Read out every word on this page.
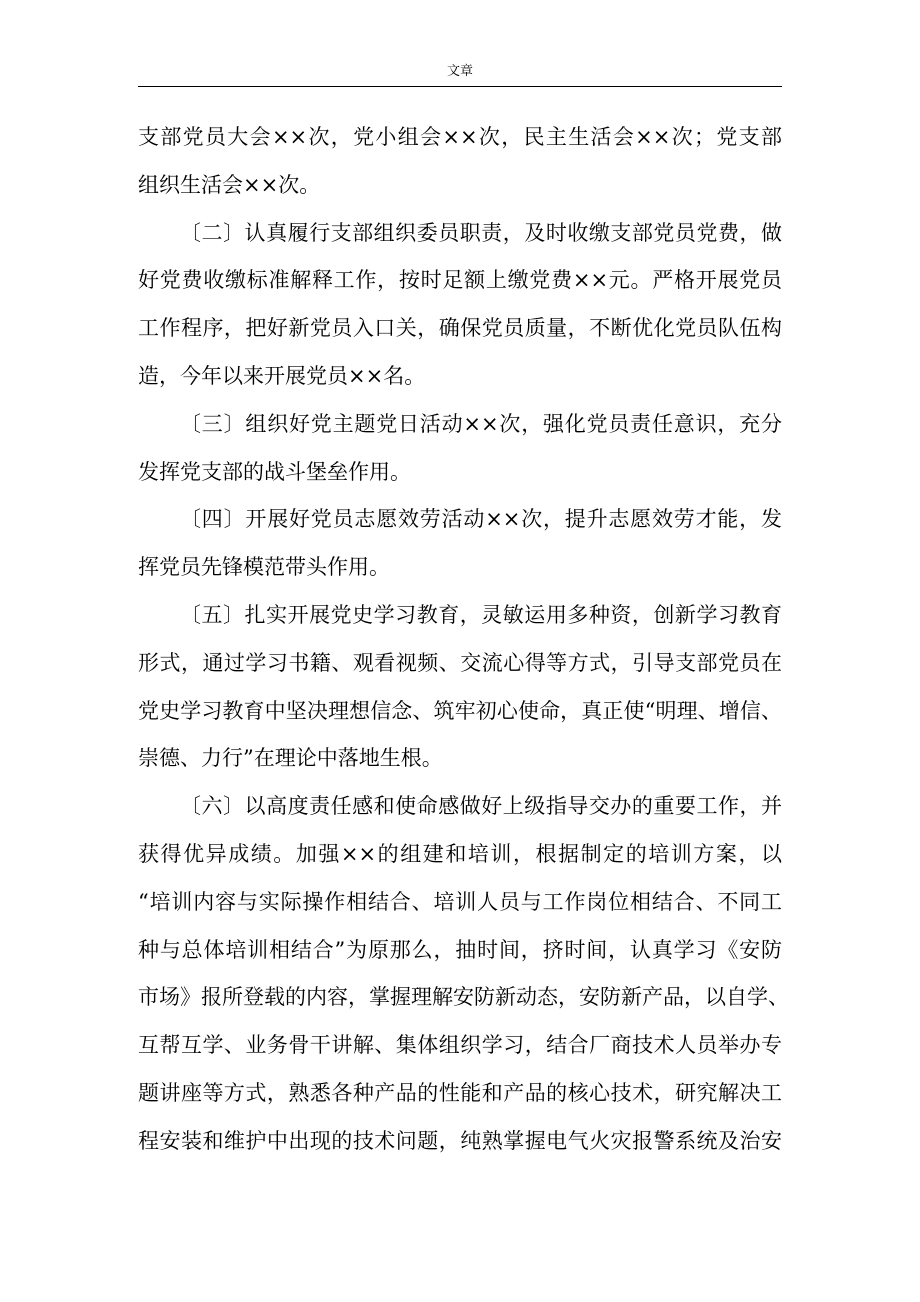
文章
支部党员大会××次，党小组会××次，民主生活会××次；党支部
组织生活会××次。
〔二〕认真履行支部组织委员职责，及时收缴支部党员党费，做
好党费收缴标准解释工作，按时足额上缴党费××元。严格开展党员
工作程序，把好新党员入口关，确保党员质量，不断优化党员队伍构
造，今年以来开展党员××名。
〔三〕组织好党主题党日活动××次，强化党员责任意识，充分
发挥党支部的战斗堡垒作用。
〔四〕开展好党员志愿效劳活动××次，提升志愿效劳才能，发
挥党员先锋模范带头作用。
〔五〕扎实开展党史学习教育，灵敏运用多种资，创新学习教育
形式，通过学习书籍、观看视频、交流心得等方式，引导支部党员在
党史学习教育中坚决理想信念、筑牢初心使命，真正使“明理、增信、
崇德、力行”在理论中落地生根。
〔六〕以高度责任感和使命感做好上级指导交办的重要工作，并
获得优异成绩。加强××的组建和培训，根据制定的培训方案，以
“培训内容与实际操作相结合、培训人员与工作岗位相结合、不同工
种与总体培训相结合”为原那么，抽时间，挤时间，认真学习《安防
市场》报所登载的内容，掌握理解安防新动态，安防新产品，以自学、
互帮互学、业务骨干讲解、集体组织学习，结合厂商技术人员举办专
题讲座等方式，熟悉各种产品的性能和产品的核心技术，研究解决工
程安装和维护中出现的技术问题，纯熟掌握电气火灾报警系统及治安
